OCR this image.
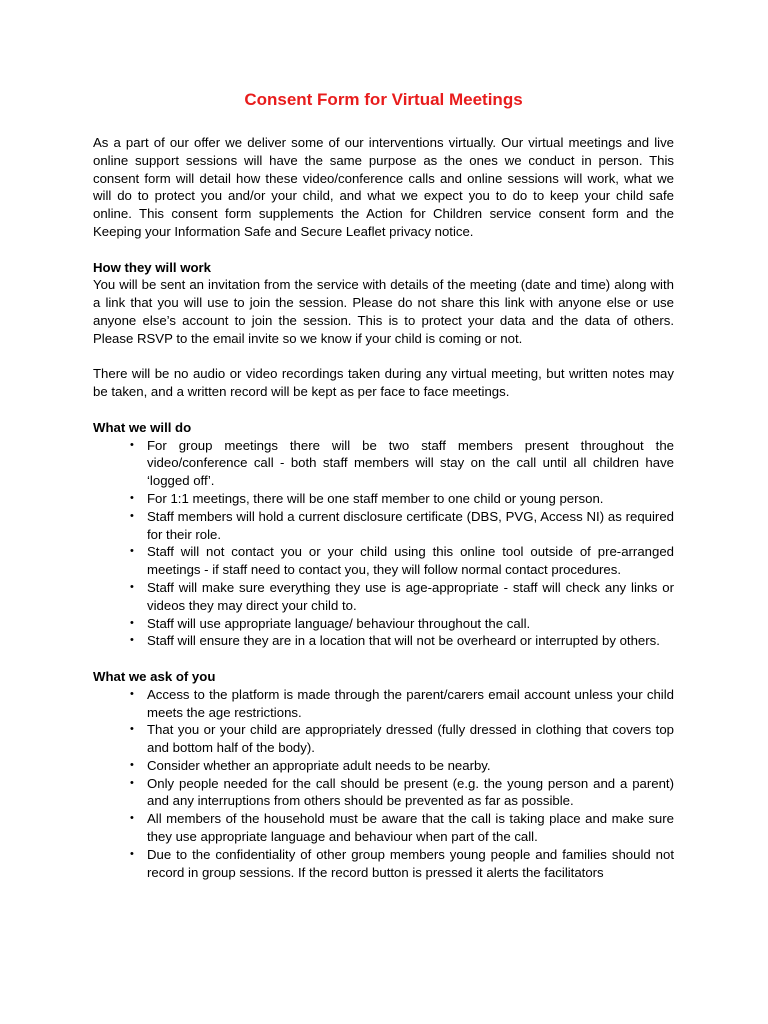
Consent Form for Virtual Meetings

As a part of our offer we deliver some of our interventions virtually. Our virtual meetings and live online support sessions will have the same purpose as the ones we conduct in person. This consent form will detail how these video/conference calls and online sessions will work, what we will do to protect you and/or your child, and what we expect you to do to keep your child safe online. This consent form supplements the Action for Children service consent form and the Keeping your Information Safe and Secure Leaflet privacy notice.

How they will work

You will be sent an invitation from the service with details of the meeting (date and time) along with a link that you will use to join the session. Please do not share this link with anyone else or use anyone else’s account to join the session. This is to protect your data and the data of others. Please RSVP to the email invite so we know if your child is coming or not.

There will be no audio or video recordings taken during any virtual meeting, but written notes may be taken, and a written record will be kept as per face to face meetings.

What we will do
• For group meetings there will be two staff members present throughout the video/conference call - both staff members will stay on the call until all children have ‘logged off’.
• For 1:1 meetings, there will be one staff member to one child or young person.
• Staff members will hold a current disclosure certificate (DBS, PVG, Access NI) as required for their role.
• Staff will not contact you or your child using this online tool outside of pre-arranged meetings - if staff need to contact you, they will follow normal contact procedures.
• Staff will make sure everything they use is age-appropriate - staff will check any links or videos they may direct your child to.
• Staff will use appropriate language/ behaviour throughout the call.
• Staff will ensure they are in a location that will not be overheard or interrupted by others.
What we ask of you
• Access to the platform is made through the parent/carers email account unless your child meets the age restrictions.
• That you or your child are appropriately dressed (fully dressed in clothing that covers top and bottom half of the body).
• Consider whether an appropriate adult needs to be nearby.
• Only people needed for the call should be present (e.g. the young person and a parent) and any interruptions from others should be prevented as far as possible.
• All members of the household must be aware that the call is taking place and make sure they use appropriate language and behaviour when part of the call.
• Due to the confidentiality of other group members young people and families should not record in group sessions. If the record button is pressed it alerts the facilitators
